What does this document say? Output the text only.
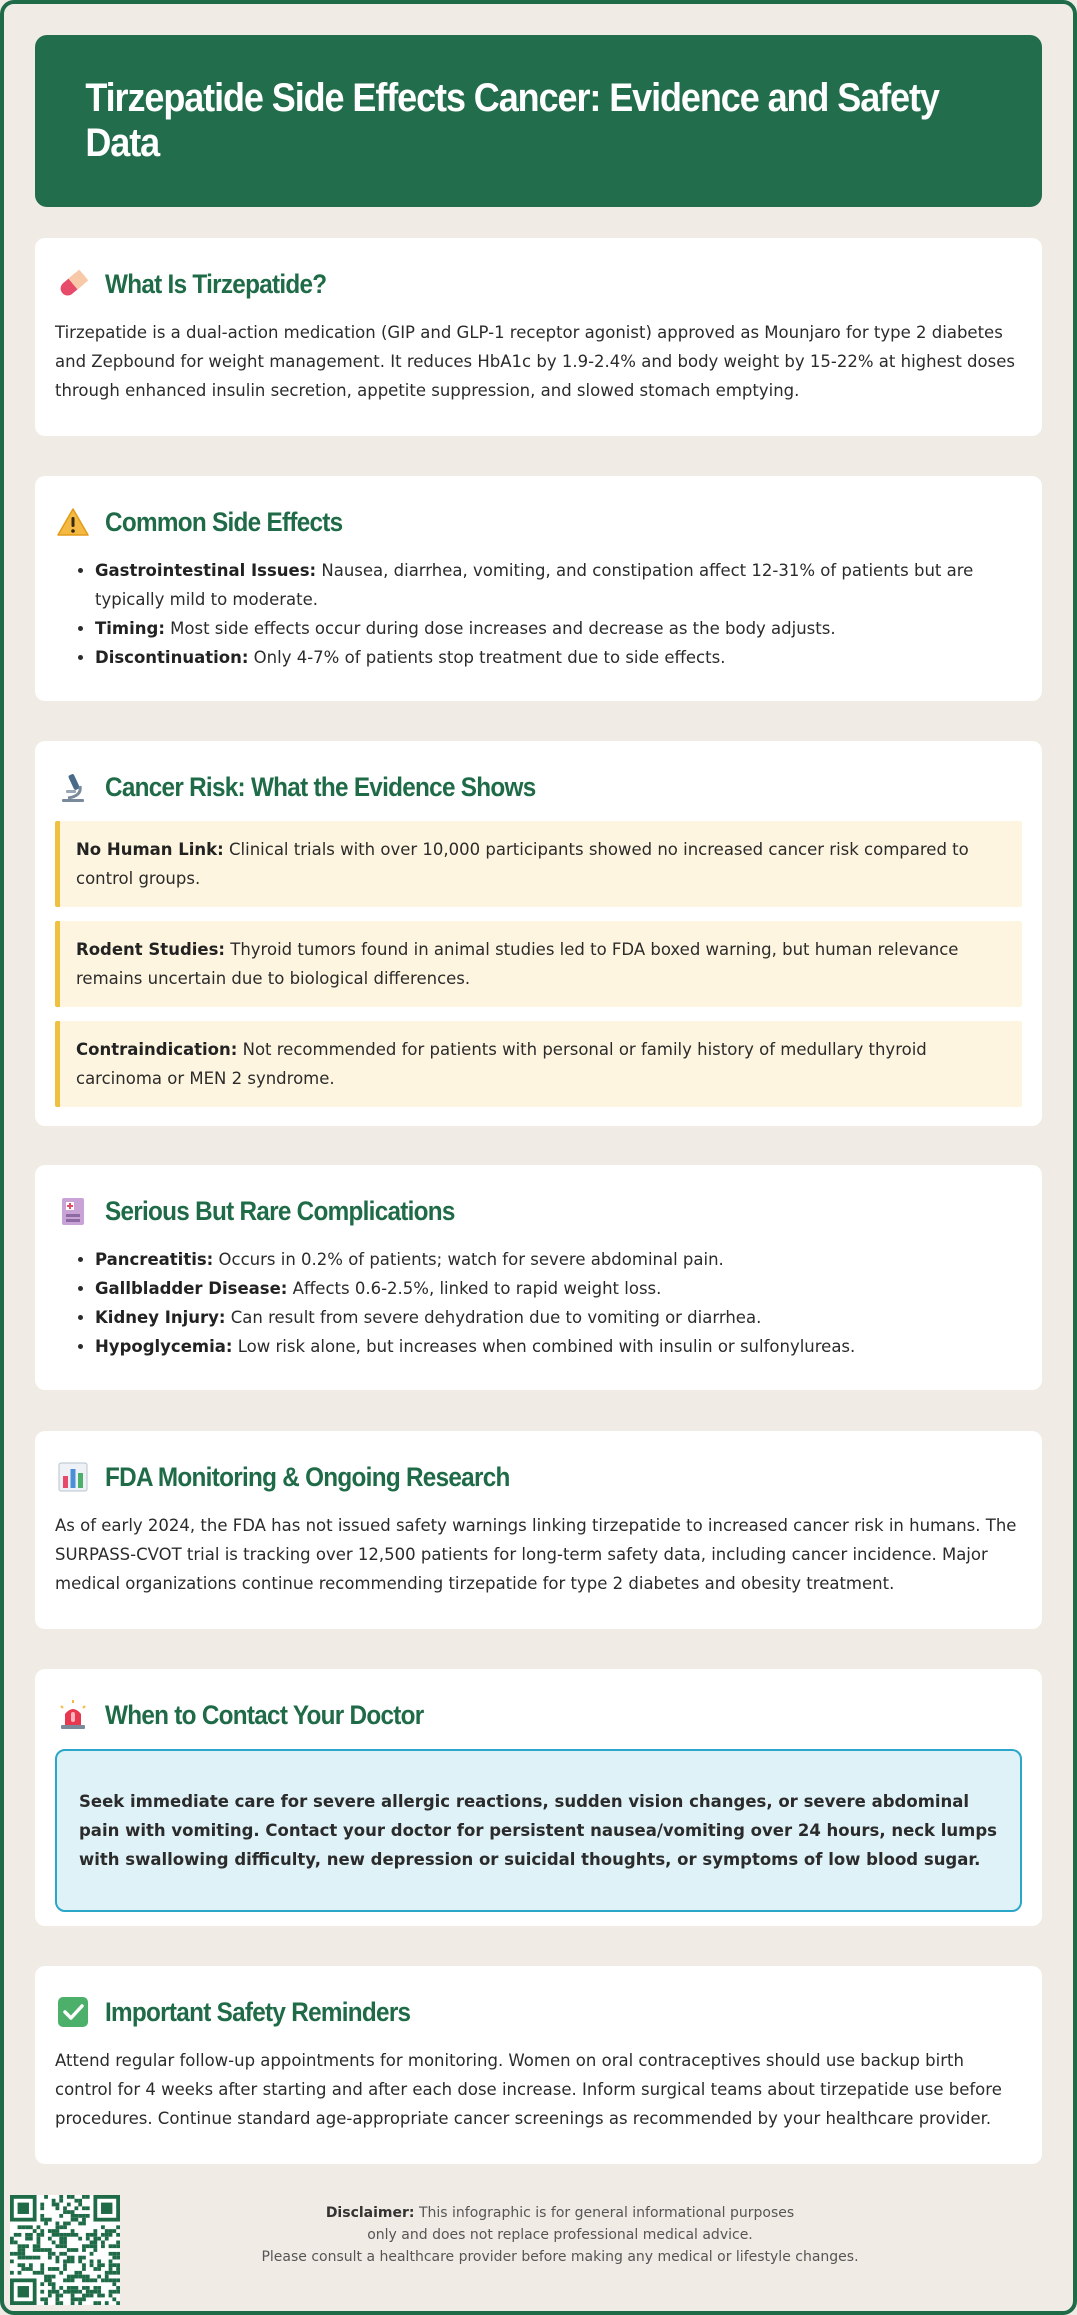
Tirzepatide Side Effects Cancer: Evidence and Safety Data
What Is Tirzepatide?

Tirzepatide is a dual-action medication (GIP and GLP-1 receptor agonist) approved as Mounjaro for type 2 diabetes and Zepbound for weight management. It reduces HbA1c by 1.9-2.4% and body weight by 15-22% at highest doses through enhanced insulin secretion, appetite suppression, and slowed stomach emptying.

Common Side Effects
• Gastrointestinal Issues: Nausea, diarrhea, vomiting, and constipation affect 12-31% of patients but are typically mild to moderate.
• Timing: Most side effects occur during dose increases and decrease as the body adjusts.
• Discontinuation: Only 4-7% of patients stop treatment due to side effects.
Cancer Risk: What the Evidence Shows
No Human Link: Clinical trials with over 10,000 participants showed no increased cancer risk compared to control groups.
Rodent Studies: Thyroid tumors found in animal studies led to FDA boxed warning, but human relevance remains uncertain due to biological differences.
Contraindication: Not recommended for patients with personal or family history of medullary thyroid carcinoma or MEN 2 syndrome.
Serious But Rare Complications
• Pancreatitis: Occurs in 0.2% of patients; watch for severe abdominal pain.
• Gallbladder Disease: Affects 0.6-2.5%, linked to rapid weight loss.
• Kidney Injury: Can result from severe dehydration due to vomiting or diarrhea.
• Hypoglycemia: Low risk alone, but increases when combined with insulin or sulfonylureas.
FDA Monitoring & Ongoing Research

As of early 2024, the FDA has not issued safety warnings linking tirzepatide to increased cancer risk in humans. The SURPASS-CVOT trial is tracking over 12,500 patients for long-term safety data, including cancer incidence. Major medical organizations continue recommending tirzepatide for type 2 diabetes and obesity treatment.

When to Contact Your Doctor
Seek immediate care for severe allergic reactions, sudden vision changes, or severe abdominal pain with vomiting. Contact your doctor for persistent nausea/vomiting over 24 hours, neck lumps with swallowing difficulty, new depression or suicidal thoughts, or symptoms of low blood sugar.
Important Safety Reminders

Attend regular follow-up appointments for monitoring. Women on oral contraceptives should use backup birth control for 4 weeks after starting and after each dose increase. Inform surgical teams about tirzepatide use before procedures. Continue standard age-appropriate cancer screenings as recommended by your healthcare provider.

Disclaimer: This infographic is for general informational purposes
only and does not replace professional medical advice.
Please consult a healthcare provider before making any medical or lifestyle changes.
